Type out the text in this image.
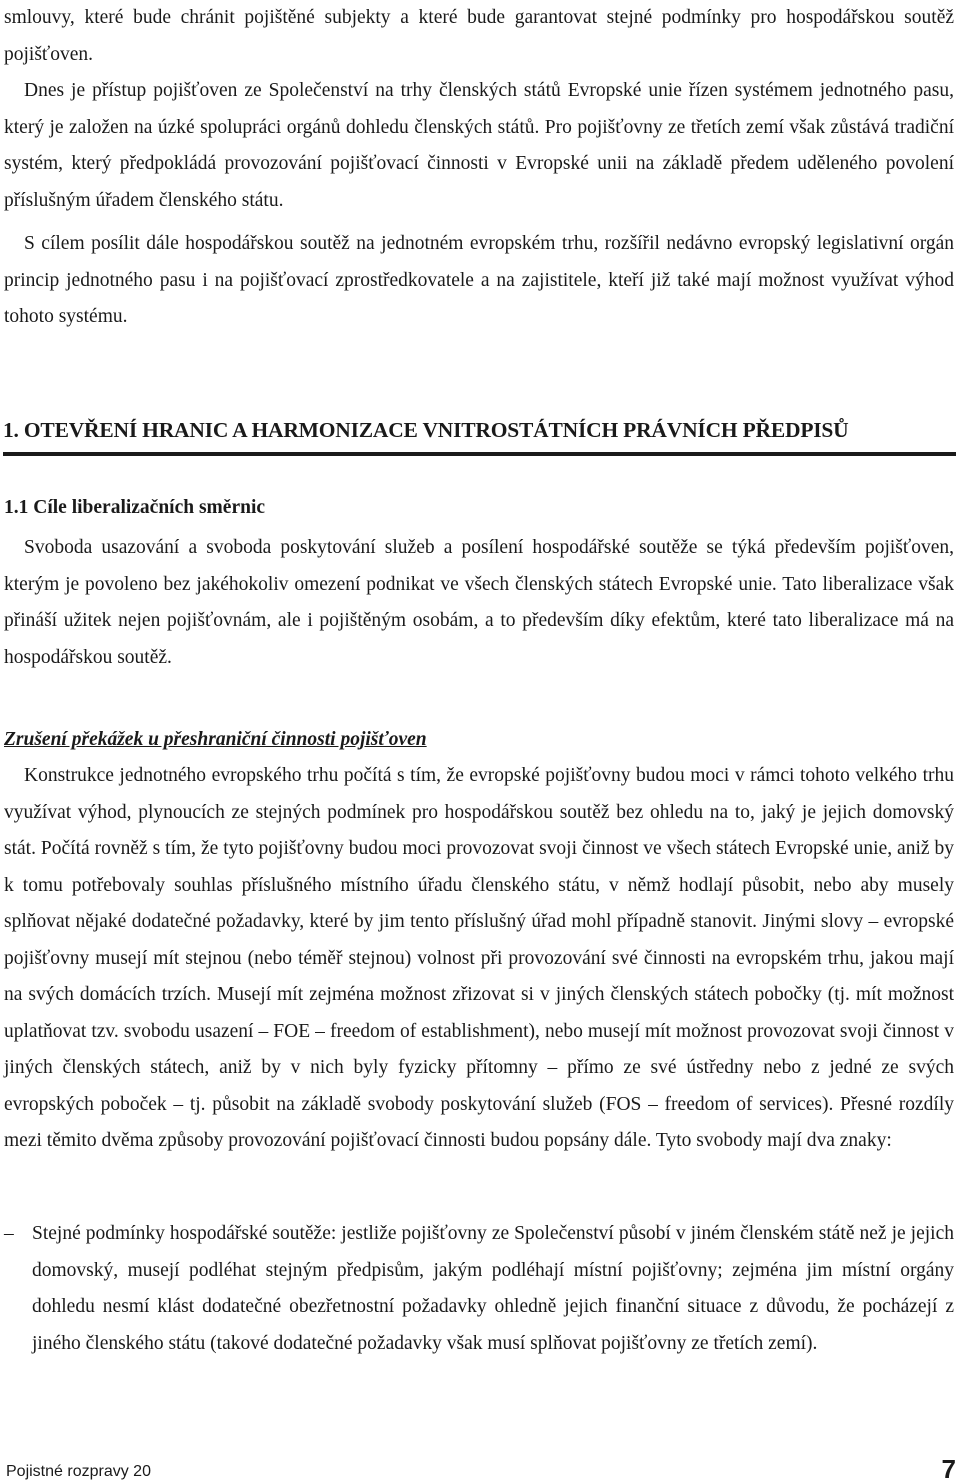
smlouvy, které bude chránit pojištěné subjekty a které bude garantovat stejné podmínky pro hospodářskou soutěž pojišťoven.

Dnes je přístup pojišťoven ze Společenství na trhy členských států Evropské unie řízen systémem jednotného pasu, který je založen na úzké spolupráci orgánů dohledu členských států. Pro pojišťovny ze třetích zemí však zůstává tradiční systém, který předpokládá provozování pojišťovací činnosti v Evropské unii na základě předem uděleného povolení příslušným úřadem členského státu.

S cílem posílit dále hospodářskou soutěž na jednotném evropském trhu, rozšířil nedávno evropský legislativní orgán princip jednotného pasu i na pojišťovací zprostředkovatele a na zajistitele, kteří již také mají možnost využívat výhod tohoto systému.

1. OTEVŘENÍ HRANIC A HARMONIZACE VNITROSTÁTNÍCH PRÁVNÍCH PŘEDPISŮ
1.1 Cíle liberalizačních směrnic

Svoboda usazování a svoboda poskytování služeb a posílení hospodářské soutěže se týká především pojišťoven, kterým je povoleno bez jakéhokoliv omezení podnikat ve všech členských státech Evropské unie. Tato liberalizace však přináší užitek nejen pojišťovnám, ale i pojištěným osobám, a to především díky efektům, které tato liberalizace má na hospodářskou soutěž.

Zrušení překážek u přeshraniční činnosti pojišťoven

Konstrukce jednotného evropského trhu počítá s tím, že evropské pojišťovny budou moci v rámci tohoto velkého trhu využívat výhod, plynoucích ze stejných podmínek pro hospodářskou soutěž bez ohledu na to, jaký je jejich domovský stát. Počítá rovněž s tím, že tyto pojišťovny budou moci provozovat svoji činnost ve všech státech Evropské unie, aniž by k tomu potřebovaly souhlas příslušného místního úřadu členského státu, v němž hodlají působit, nebo aby musely splňovat nějaké dodatečné požadavky, které by jim tento příslušný úřad mohl případně stanovit. Jinými slovy – evropské pojišťovny musejí mít stejnou (nebo téměř stejnou) volnost při provozování své činnosti na evropském trhu, jakou mají na svých domácích trzích. Musejí mít zejména možnost zřizovat si v jiných členských státech pobočky (tj. mít možnost uplatňovat tzv. svobodu usazení – FOE – freedom of establishment), nebo musejí mít možnost provozovat svoji činnost v jiných členských státech, aniž by v nich byly fyzicky přítomny – přímo ze své ústředny nebo z jedné ze svých evropských poboček – tj. působit na základě svobody poskytování služeb (FOS – freedom of services). Přesné rozdíly mezi těmito dvěma způsoby provozování pojišťovací činnosti budou popsány dále. Tyto svobody mají dva znaky:

– Stejné podmínky hospodářské soutěže: jestliže pojišťovny ze Společenství působí v jiném členském státě než je jejich domovský, musejí podléhat stejným předpisům, jakým podléhají místní pojišťovny; zejména jim místní orgány dohledu nesmí klást dodatečné obezřetnostní požadavky ohledně jejich finanční situace z důvodu, že pocházejí z jiného členského státu (takové dodatečné požadavky však musí splňovat pojišťovny ze třetích zemí).

Pojistné rozpravy 20	7
